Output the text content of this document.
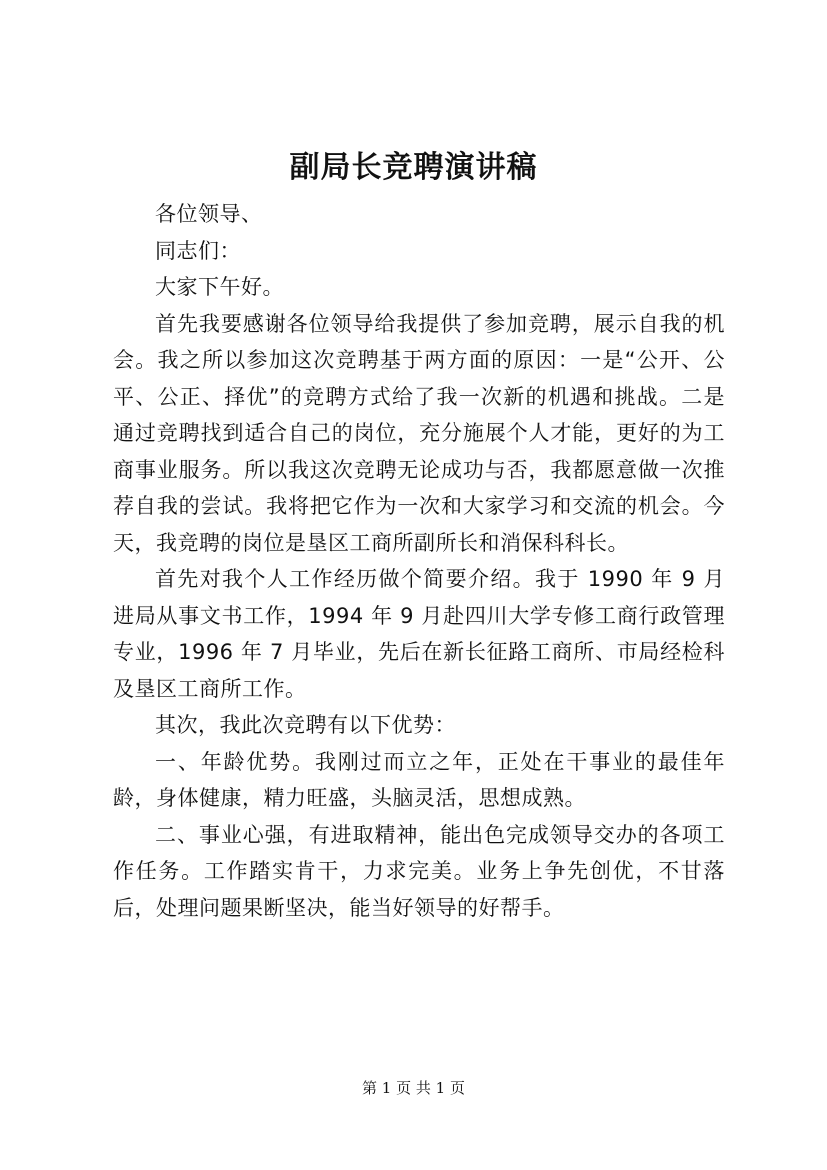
副局长竞聘演讲稿

各位领导、

同志们：

大家下午好。

首先我要感谢各位领导给我提供了参加竞聘，展示自我的机会。我之所以参加这次竞聘基于两方面的原因：一是“公开、公平、公正、择优”的竞聘方式给了我一次新的机遇和挑战。二是通过竞聘找到适合自己的岗位，充分施展个人才能，更好的为工商事业服务。所以我这次竞聘无论成功与否，我都愿意做一次推荐自我的尝试。我将把它作为一次和大家学习和交流的机会。今天，我竞聘的岗位是垦区工商所副所长和消保科科长。

首先对我个人工作经历做个简要介绍。我于 1990 年 9 月进局从事文书工作，1994 年 9 月赴四川大学专修工商行政管理专业，1996 年 7 月毕业，先后在新长征路工商所、市局经检科及垦区工商所工作。

其次，我此次竞聘有以下优势：

一、年龄优势。我刚过而立之年，正处在干事业的最佳年龄，身体健康，精力旺盛，头脑灵活，思想成熟。

二、事业心强，有进取精神，能出色完成领导交办的各项工作任务。工作踏实肯干，力求完美。业务上争先创优，不甘落后，处理问题果断坚决，能当好领导的好帮手。

第 1 页 共 1 页
